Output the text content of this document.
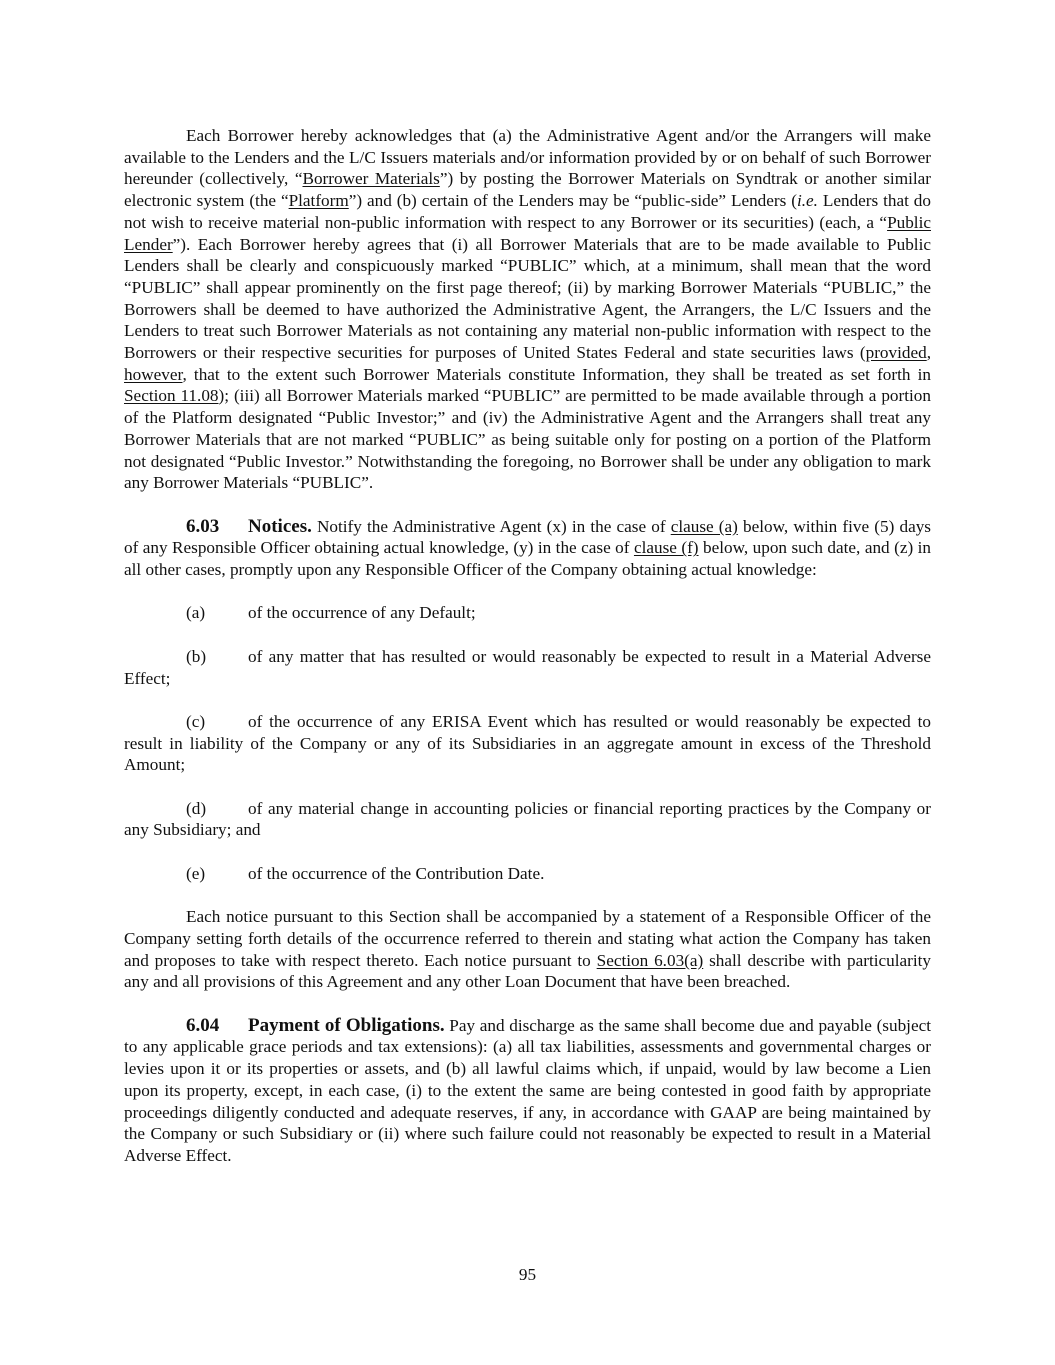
Each Borrower hereby acknowledges that (a) the Administrative Agent and/or the Arrangers will make available to the Lenders and the L/C Issuers materials and/or information provided by or on behalf of such Borrower hereunder (collectively, “Borrower Materials”) by posting the Borrower Materials on Syndtrak or another similar electronic system (the “Platform”) and (b) certain of the Lenders may be “public-side” Lenders (i.e. Lenders that do not wish to receive material non-public information with respect to any Borrower or its securities) (each, a “Public Lender”). Each Borrower hereby agrees that (i) all Borrower Materials that are to be made available to Public Lenders shall be clearly and conspicuously marked “PUBLIC” which, at a minimum, shall mean that the word “PUBLIC” shall appear prominently on the first page thereof; (ii) by marking Borrower Materials “PUBLIC,” the Borrowers shall be deemed to have authorized the Administrative Agent, the Arrangers, the L/C Issuers and the Lenders to treat such Borrower Materials as not containing any material non-public information with respect to the Borrowers or their respective securities for purposes of United States Federal and state securities laws (provided, however, that to the extent such Borrower Materials constitute Information, they shall be treated as set forth in Section 11.08); (iii) all Borrower Materials marked “PUBLIC” are permitted to be made available through a portion of the Platform designated “Public Investor;” and (iv) the Administrative Agent and the Arrangers shall treat any Borrower Materials that are not marked “PUBLIC” as being suitable only for posting on a portion of the Platform not designated “Public Investor.” Notwithstanding the foregoing, no Borrower shall be under any obligation to mark any Borrower Materials “PUBLIC”.

6.03 Notices. Notify the Administrative Agent (x) in the case of clause (a) below, within five (5) days of any Responsible Officer obtaining actual knowledge, (y) in the case of clause (f) below, upon such date, and (z) in all other cases, promptly upon any Responsible Officer of the Company obtaining actual knowledge:

(a) of the occurrence of any Default;

(b) of any matter that has resulted or would reasonably be expected to result in a Material Adverse Effect;

(c) of the occurrence of any ERISA Event which has resulted or would reasonably be expected to result in liability of the Company or any of its Subsidiaries in an aggregate amount in excess of the Threshold Amount;

(d) of any material change in accounting policies or financial reporting practices by the Company or any Subsidiary; and

(e) of the occurrence of the Contribution Date.

Each notice pursuant to this Section shall be accompanied by a statement of a Responsible Officer of the Company setting forth details of the occurrence referred to therein and stating what action the Company has taken and proposes to take with respect thereto. Each notice pursuant to Section 6.03(a) shall describe with particularity any and all provisions of this Agreement and any other Loan Document that have been breached.

6.04 Payment of Obligations. Pay and discharge as the same shall become due and payable (subject to any applicable grace periods and tax extensions): (a) all tax liabilities, assessments and governmental charges or levies upon it or its properties or assets, and (b) all lawful claims which, if unpaid, would by law become a Lien upon its property, except, in each case, (i) to the extent the same are being contested in good faith by appropriate proceedings diligently conducted and adequate reserves, if any, in accordance with GAAP are being maintained by the Company or such Subsidiary or (ii) where such failure could not reasonably be expected to result in a Material Adverse Effect.

95
